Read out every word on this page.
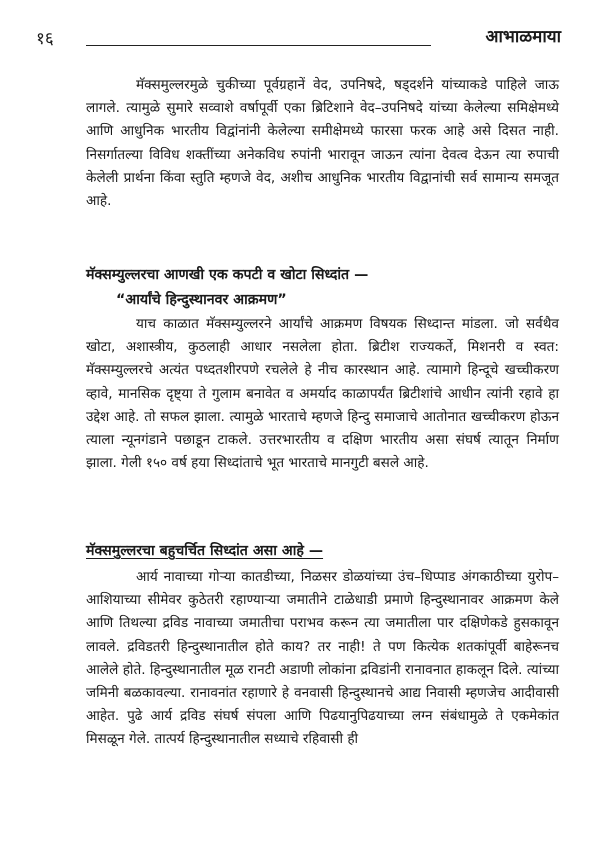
१६	आभाळमाया

मॅक्समुल्लरमुळे चुकीच्या पूर्वग्रहानें वेद, उपनिषदे, षड्दर्शने यांच्याकडे पाहिले जाऊ लागले. त्यामुळे सुमारे सव्वाशे वर्षापूर्वी एका ब्रिटिशाने वेद–उपनिषदे यांच्या केलेल्या समिक्षेमध्ये आणि आधुनिक भारतीय विद्वांनांनी केलेल्या समीक्षेमध्ये फारसा फरक आहे असे दिसत नाही. निसर्गातल्या विविध शक्तींच्या अनेकविध रुपांनी भारावून जाऊन त्यांना देवत्व देऊन त्या रुपाची केलेली प्रार्थना किंवा स्तुति म्हणजे वेद, अशीच आधुनिक भारतीय विद्वानांची सर्व सामान्य समजूत आहे.

मॅक्सम्युल्लरचा आणखी एक कपटी व खोटा सिध्दांत —
“आर्यांचे हिन्दुस्थानवर आक्रमण”

याच काळात मॅक्सम्युल्लरने आर्यांचे आक्रमण विषयक सिध्दान्त मांडला. जो सर्वथैव खोटा, अशास्त्रीय, कुठलाही आधार नसलेला होता. ब्रिटीश राज्यकर्ते, मिशनरी व स्वत: मॅक्सम्युल्लरचे अत्यंत पध्दतशीरपणे रचलेले हे नीच कारस्थान आहे. त्यामागे हिन्दूचे खच्चीकरण व्हावे, मानसिक दृष्ट्या ते गुलाम बनावेत व अमर्याद काळापर्यंत ब्रिटीशांचे आधीन त्यांनी रहावे हा उद्देश आहे. तो सफल झाला. त्यामुळे भारताचे म्हणजे हिन्दु समाजाचे आतोनात खच्चीकरण होऊन त्याला न्यूनगंडाने पछाडून टाकले. उत्तरभारतीय व दक्षिण भारतीय असा संघर्ष त्यातून निर्माण झाला. गेली १५० वर्ष हया सिध्दांताचे भूत भारताचे मानगुटी बसले आहे.

मॅक्समुल्लरचा बहुचर्चित सिध्दांत असा आहे —

आर्य नावाच्या गोऱ्या कातडीच्या, निळसर डोळयांच्या उंच–धिप्पाड अंगकाठीच्या युरोप–आशियाच्या सीमेवर कुठेतरी रहाण्याऱ्या जमातीने टाळेधाडी प्रमाणे हिन्दुस्थानावर आक्रमण केले आणि तिथल्या द्रविड नावाच्या जमातीचा पराभव करून त्या जमातीला पार दक्षिणेकडे हुसकावून लावले. द्रविडतरी हिन्दुस्थानातील होते काय? तर नाही! ते पण कित्येक शतकांपूर्वी बाहेरूनच आलेले होते. हिन्दुस्थानातील मूळ रानटी अडाणी लोकांना द्रविडांनी रानावनात हाकलून दिले. त्यांच्या जमिनी बळकावल्या. रानावनांत रहाणारे हे वनवासी हिन्दुस्थानचे आद्य निवासी म्हणजेच आदीवासी आहेत. पुढे आर्य द्रविड संघर्ष संपला आणि पिढयानुपिढयाच्या लग्न संबंधामुळे ते एकमेकांत मिसळून गेले. तात्पर्य हिन्दुस्थानातील सध्याचे रहिवासी ही
